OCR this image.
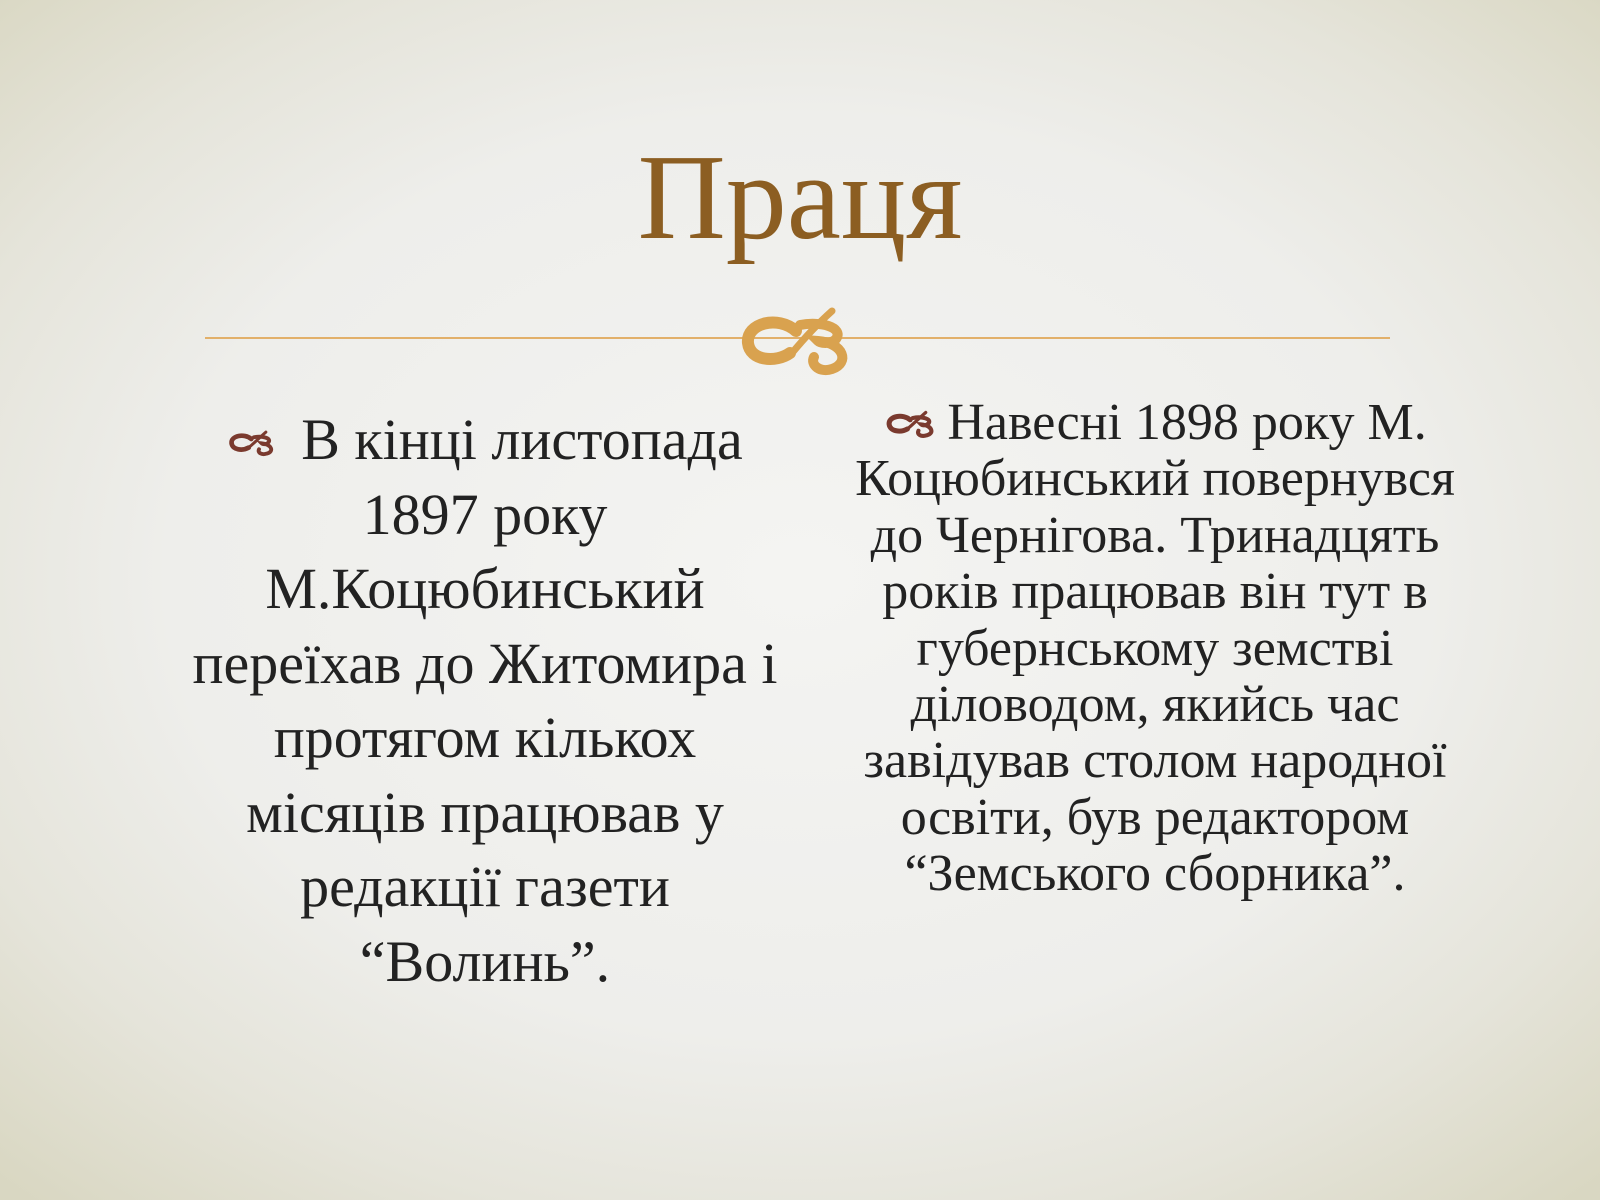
Праця
В кінці листопада 1897 року М.Коцюбинський переїхав до Житомира і протягом кількох місяців працював у редакції газети “Волинь”.
Навесні 1898 року М. Коцюбинський повернувся до Чернігова. Тринадцять років працював він тут в губернському земстві діловодом, якийсь час завідував столом народної освіти, був редактором “Земського сборника”.
